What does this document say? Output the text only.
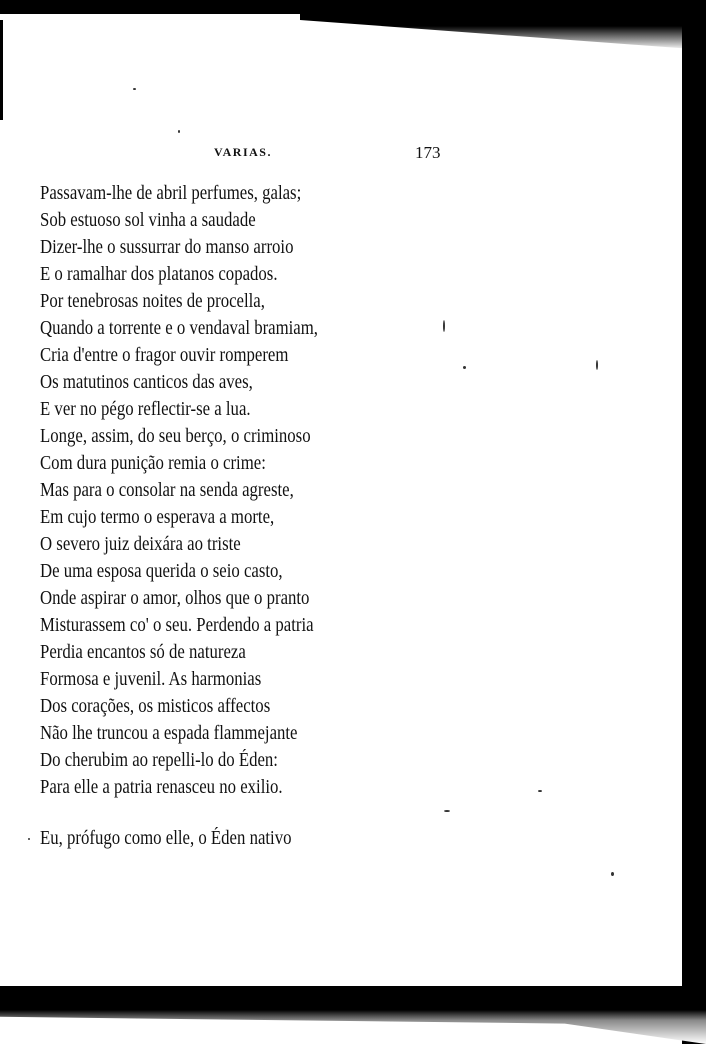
VARIAS.	173
Passavam-lhe de abril perfumes, galas;
Sob estuoso sol vinha a saudade
Dizer-lhe o sussurrar do manso arroio
E o ramalhar dos platanos copados.
Por tenebrosas noites de procella,
Quando a torrente e o vendaval bramiam,
Cria d'entre o fragor ouvir romperem
Os matutinos canticos das aves,
E ver no pégo reflectir-se a lua.
Longe, assim, do seu berço, o criminoso
Com dura punição remia o crime:
Mas para o consolar na senda agreste,
Em cujo termo o esperava a morte,
O severo juiz deixára ao triste
De uma esposa querida o seio casto,
Onde aspirar o amor, olhos que o pranto
Misturassem co' o seu. Perdendo a patria
Perdia encantos só de natureza
Formosa e juvenil. As harmonias
Dos corações, os misticos affectos
Não lhe truncou a espada flammejante
Do cherubim ao repelli-lo do Éden:
Para elle a patria renasceu no exilio.
Eu, prófugo como elle, o Éden nativo
